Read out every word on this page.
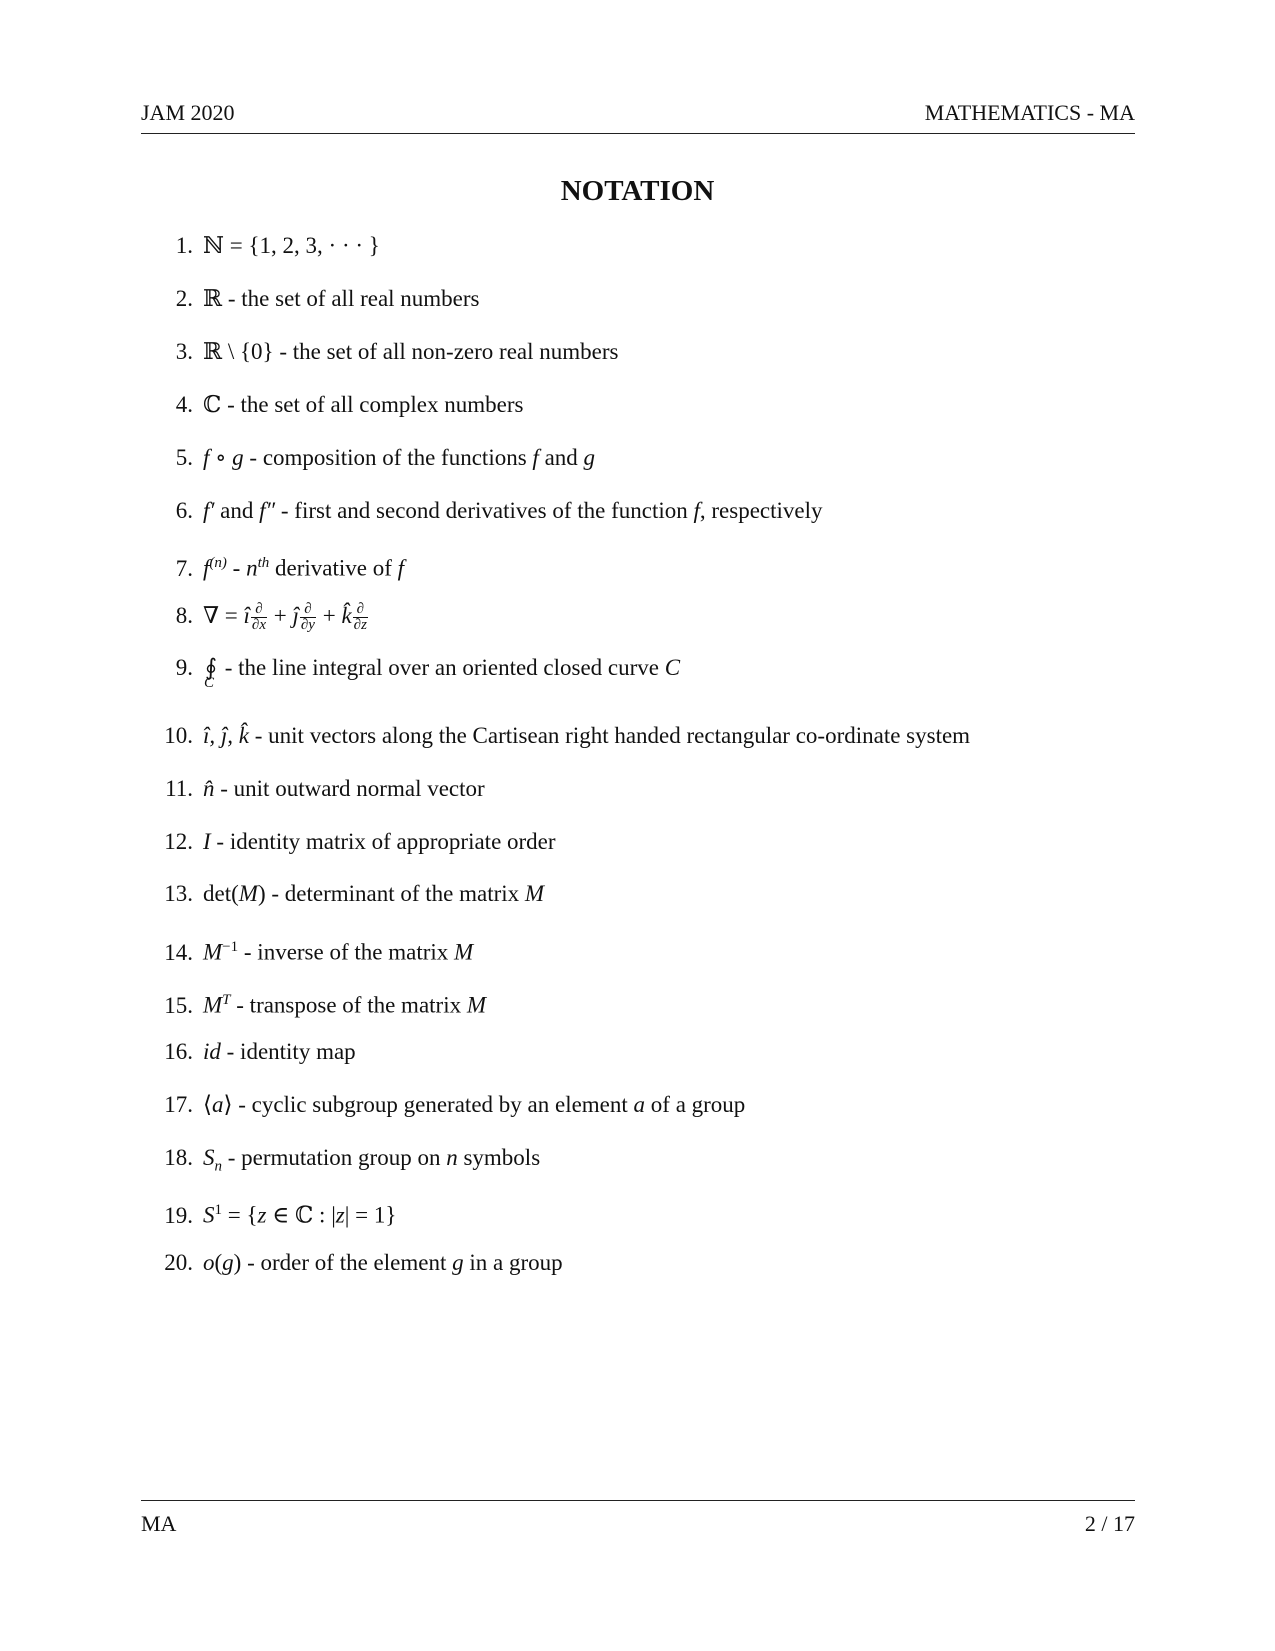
JAM 2020	MATHEMATICS - MA
NOTATION
1. ℕ = {1, 2, 3, · · · }
2. ℝ - the set of all real numbers
3. ℝ \ {0} - the set of all non-zero real numbers
4. ℂ - the set of all complex numbers
5. f ∘ g - composition of the functions f and g
6. f′ and f″ - first and second derivatives of the function f, respectively
7. $f^{(n)} - n^{th}$ derivative of f
8. ∇ = î $\frac{\partial}{\partial x}$ + ĵ $\frac{\partial}{\partial y}$ + k̂ $\frac{\partial}{\partial z}$
9. ∮
C
- the line integral over an oriented closed curve C
10. î, ĵ, k̂ - unit vectors along the Cartisean right handed rectangular co-ordinate system
11. n̂ - unit outward normal vector
12. I - identity matrix of appropriate order
13. det(M) - determinant of the matrix M
14. $M^{-1}$ - inverse of the matrix M
15. $M^T$ - transpose of the matrix M
16. id - identity map
17. ⟨a⟩ - cyclic subgroup generated by an element a of a group
18. $S_n$ - permutation group on n symbols
19. $S^1 = \{z$ ∈ ℂ : |z| = 1}
20. o(g) - order of the element g in a group
MA	2 / 17
